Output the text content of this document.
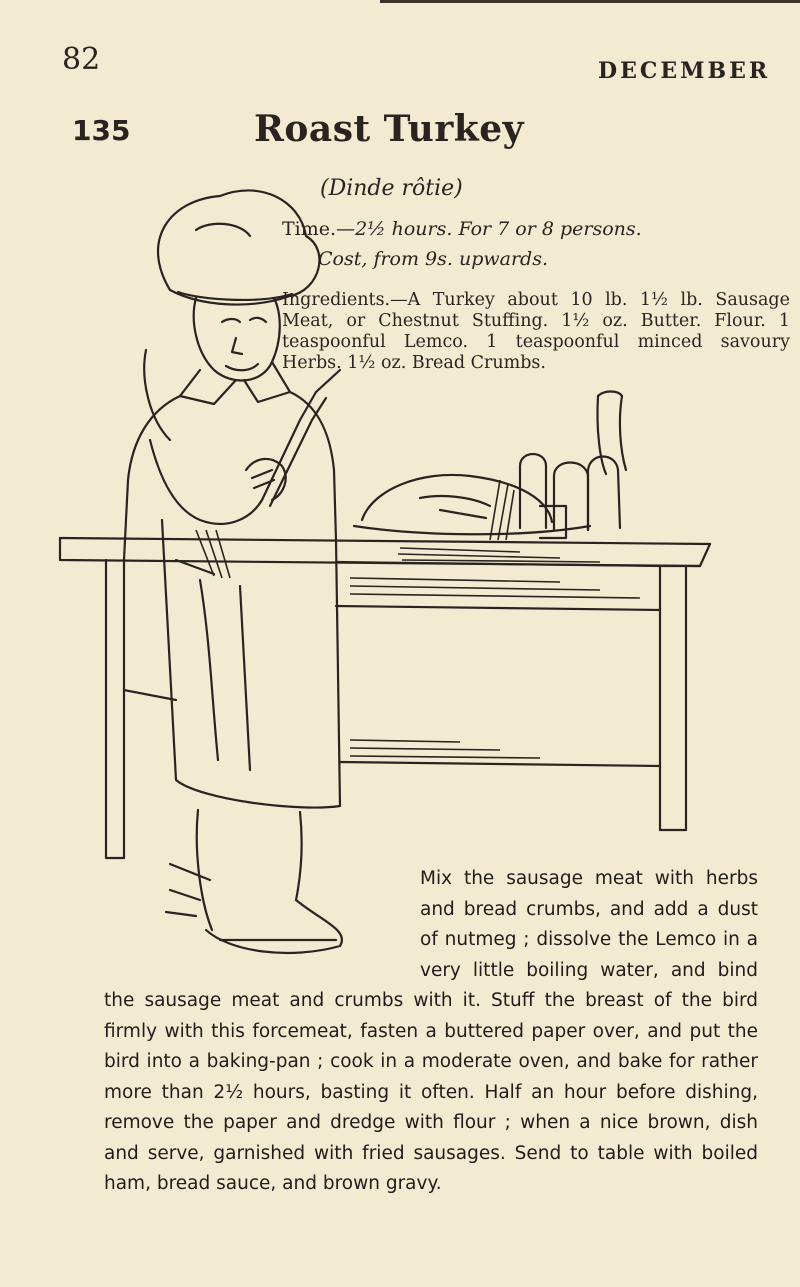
82	DECEMBER
135	Roast Turkey
(Dinde rôtie)
Time.—2½ hours. For 7 or 8 persons.
Cost, from 9s. upwards.
Ingredients.—A Turkey about 10 lb. 1½ lb. Sausage Meat, or Chestnut Stuffing. 1½ oz. Butter. Flour. 1 teaspoonful Lemco. 1 teaspoonful minced savoury Herbs. 1½ oz. Bread Crumbs.
Mix the sausage meat with herbs and bread crumbs, and add a dust of nutmeg ; dissolve the Lemco in a very little boiling water, and bind the sausage meat and crumbs with it. Stuff the breast of the bird firmly with this forcemeat, fasten a buttered paper over, and put the bird into a baking-pan ; cook in a moderate oven, and bake for rather more than 2½ hours, basting it often. Half an hour before dishing, remove the paper and dredge with flour ; when a nice brown, dish and serve, garnished with fried sausages. Send to table with boiled ham, bread sauce, and brown gravy.
